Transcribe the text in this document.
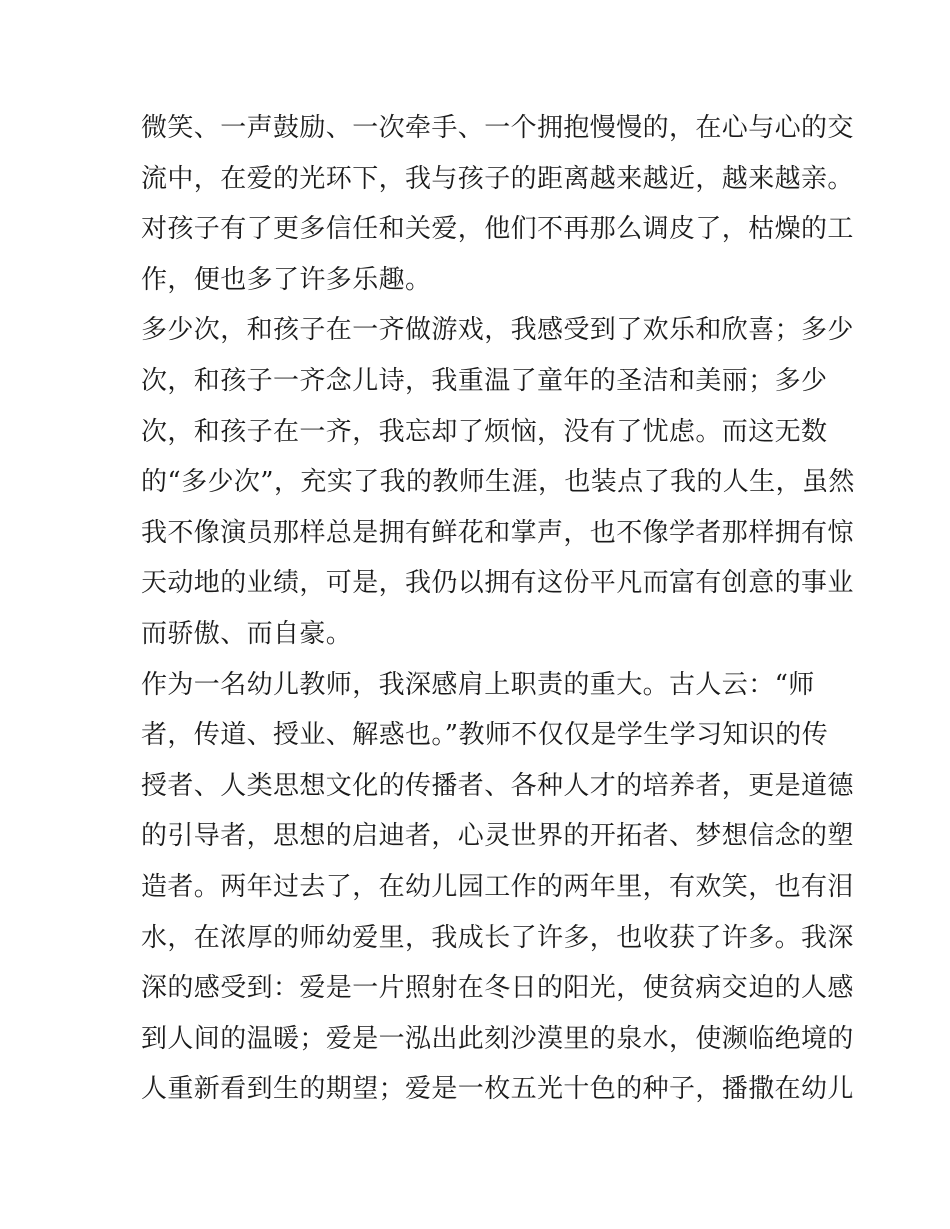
微笑、一声鼓励、一次牵手、一个拥抱慢慢的，在心与心的交
流中，在爱的光环下，我与孩子的距离越来越近，越来越亲。
对孩子有了更多信任和关爱，他们不再那么调皮了，枯燥的工
作，便也多了许多乐趣。
多少次，和孩子在一齐做游戏，我感受到了欢乐和欣喜；多少
次，和孩子一齐念儿诗，我重温了童年的圣洁和美丽；多少
次，和孩子在一齐，我忘却了烦恼，没有了忧虑。而这无数
的“多少次”，充实了我的教师生涯，也装点了我的人生，虽然
我不像演员那样总是拥有鲜花和掌声，也不像学者那样拥有惊
天动地的业绩，可是，我仍以拥有这份平凡而富有创意的事业
而骄傲、而自豪。
作为一名幼儿教师，我深感肩上职责的重大。古人云：“师
者，传道、授业、解惑也。”教师不仅仅是学生学习知识的传
授者、人类思想文化的传播者、各种人才的培养者，更是道德
的引导者，思想的启迪者，心灵世界的开拓者、梦想信念的塑
造者。两年过去了，在幼儿园工作的两年里，有欢笑，也有泪
水，在浓厚的师幼爱里，我成长了许多，也收获了许多。我深
深的感受到：爱是一片照射在冬日的阳光，使贫病交迫的人感
到人间的温暖；爱是一泓出此刻沙漠里的泉水，使濒临绝境的
人重新看到生的期望；爱是一枚五光十色的种子，播撒在幼儿
